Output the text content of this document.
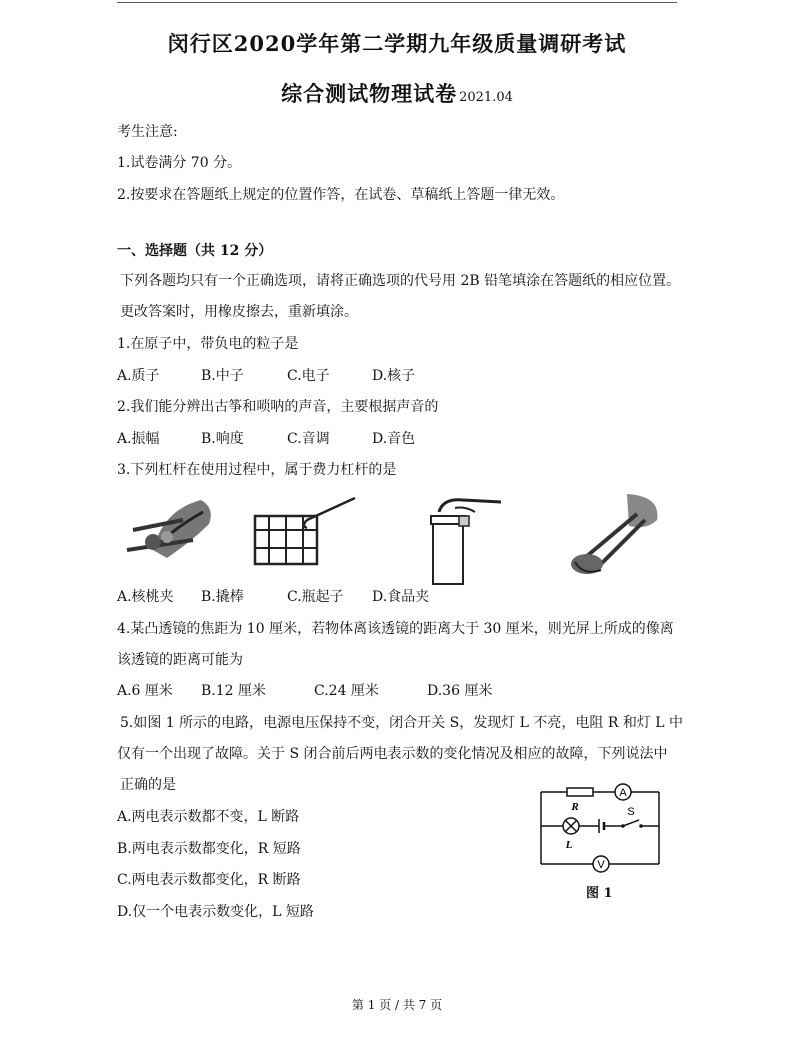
闵行区2020学年第二学期九年级质量调研考试
综合测试物理试卷 2021.04
考生注意:
1.试卷满分 70 分。
2.按要求在答题纸上规定的位置作答，在试卷、草稿纸上答题一律无效。
一、选择题（共 12 分）
下列各题均只有一个正确选项，请将正确选项的代号用 2B 铅笔填涂在答题纸的相应位置。
更改答案时，用橡皮擦去，重新填涂。
1.在原子中，带负电的粒子是
A.质子	B.中子	C.电子	D.核子
2.我们能分辨出古筝和唢呐的声音，主要根据声音的
A.振幅	B.响度	C.音调	D.音色
3.下列杠杆在使用过程中，属于费力杠杆的是
A.核桃夹 B.撬棒	C.瓶起子 D.食品夹
4.某凸透镜的焦距为 10 厘米，若物体离该透镜的距离大于 30 厘米，则光屏上所成的像离
该透镜的距离可能为
A.6 厘米 B.12 厘米	C.24 厘米	D.36 厘米
5.如图 1 所示的电路，电源电压保持不变，闭合开关 S，发现灯 L 不亮，电阻 R 和灯 L 中
仅有一个出现了故障。关于 S 闭合前后两电表示数的变化情况及相应的故障，下列说法中
正确的是
A.两电表示数都不变，L 断路
B.两电表示数都变化，R 短路
C.两电表示数都变化，R 断路
D.仅一个电表示数变化，L 短路
A
V
R
L
S
图 1
第 1 页 / 共 7 页
